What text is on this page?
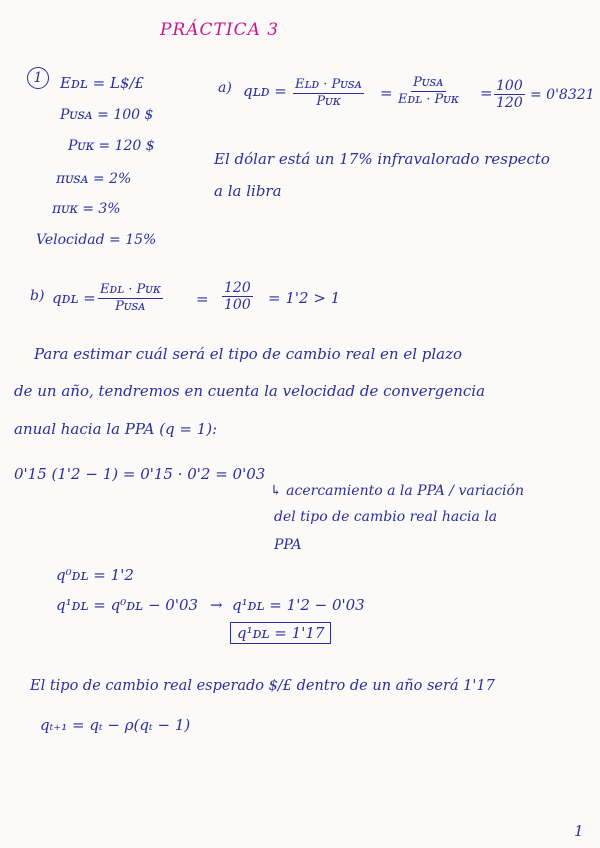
PRÁCTICA 3
1	Eᴅʟ = L$/£
Pᴜꜱᴀ = 100 $
Pᴜᴋ = 120 $
πᴜꜱᴀ = 2%
πᴜᴋ = 3%
Velocidad = 15%
a) qʟᴅ = Eʟᴅ · Pᴜꜱᴀ
Pᴜᴋ	=
Pᴜꜱᴀ
Eᴅʟ · Pᴜᴋ = $\frac{100}{120} = 0'8321$
El dólar está un 17% infravalorado respecto
a la libra
b) qᴅʟ = Eᴅʟ · Pᴜᴋ
Pᴜꜱᴀ	= $\frac{120}{100} = 1'2 > 1$
Para estimar cuál será el tipo de cambio real en el plazo
de un año, tendremos en cuenta la velocidad de convergencia
anual hacia la PPA (q = 1):
0'15 (1'2 − 1) = 0'15 · 0'2 = 0'03
↳ acercamiento a la PPA / variación
del tipo de cambio real hacia la
PPA
q⁰ᴅʟ = 1'2
q¹ᴅʟ = q⁰ᴅʟ − 0'03 → q¹ᴅʟ = 1'2 − 0'03
q¹ᴅʟ = 1'17
El tipo de cambio real esperado $/£ dentro de un año será 1'17
qₜ₊₁ = qₜ − ρ(qₜ − 1)
1
